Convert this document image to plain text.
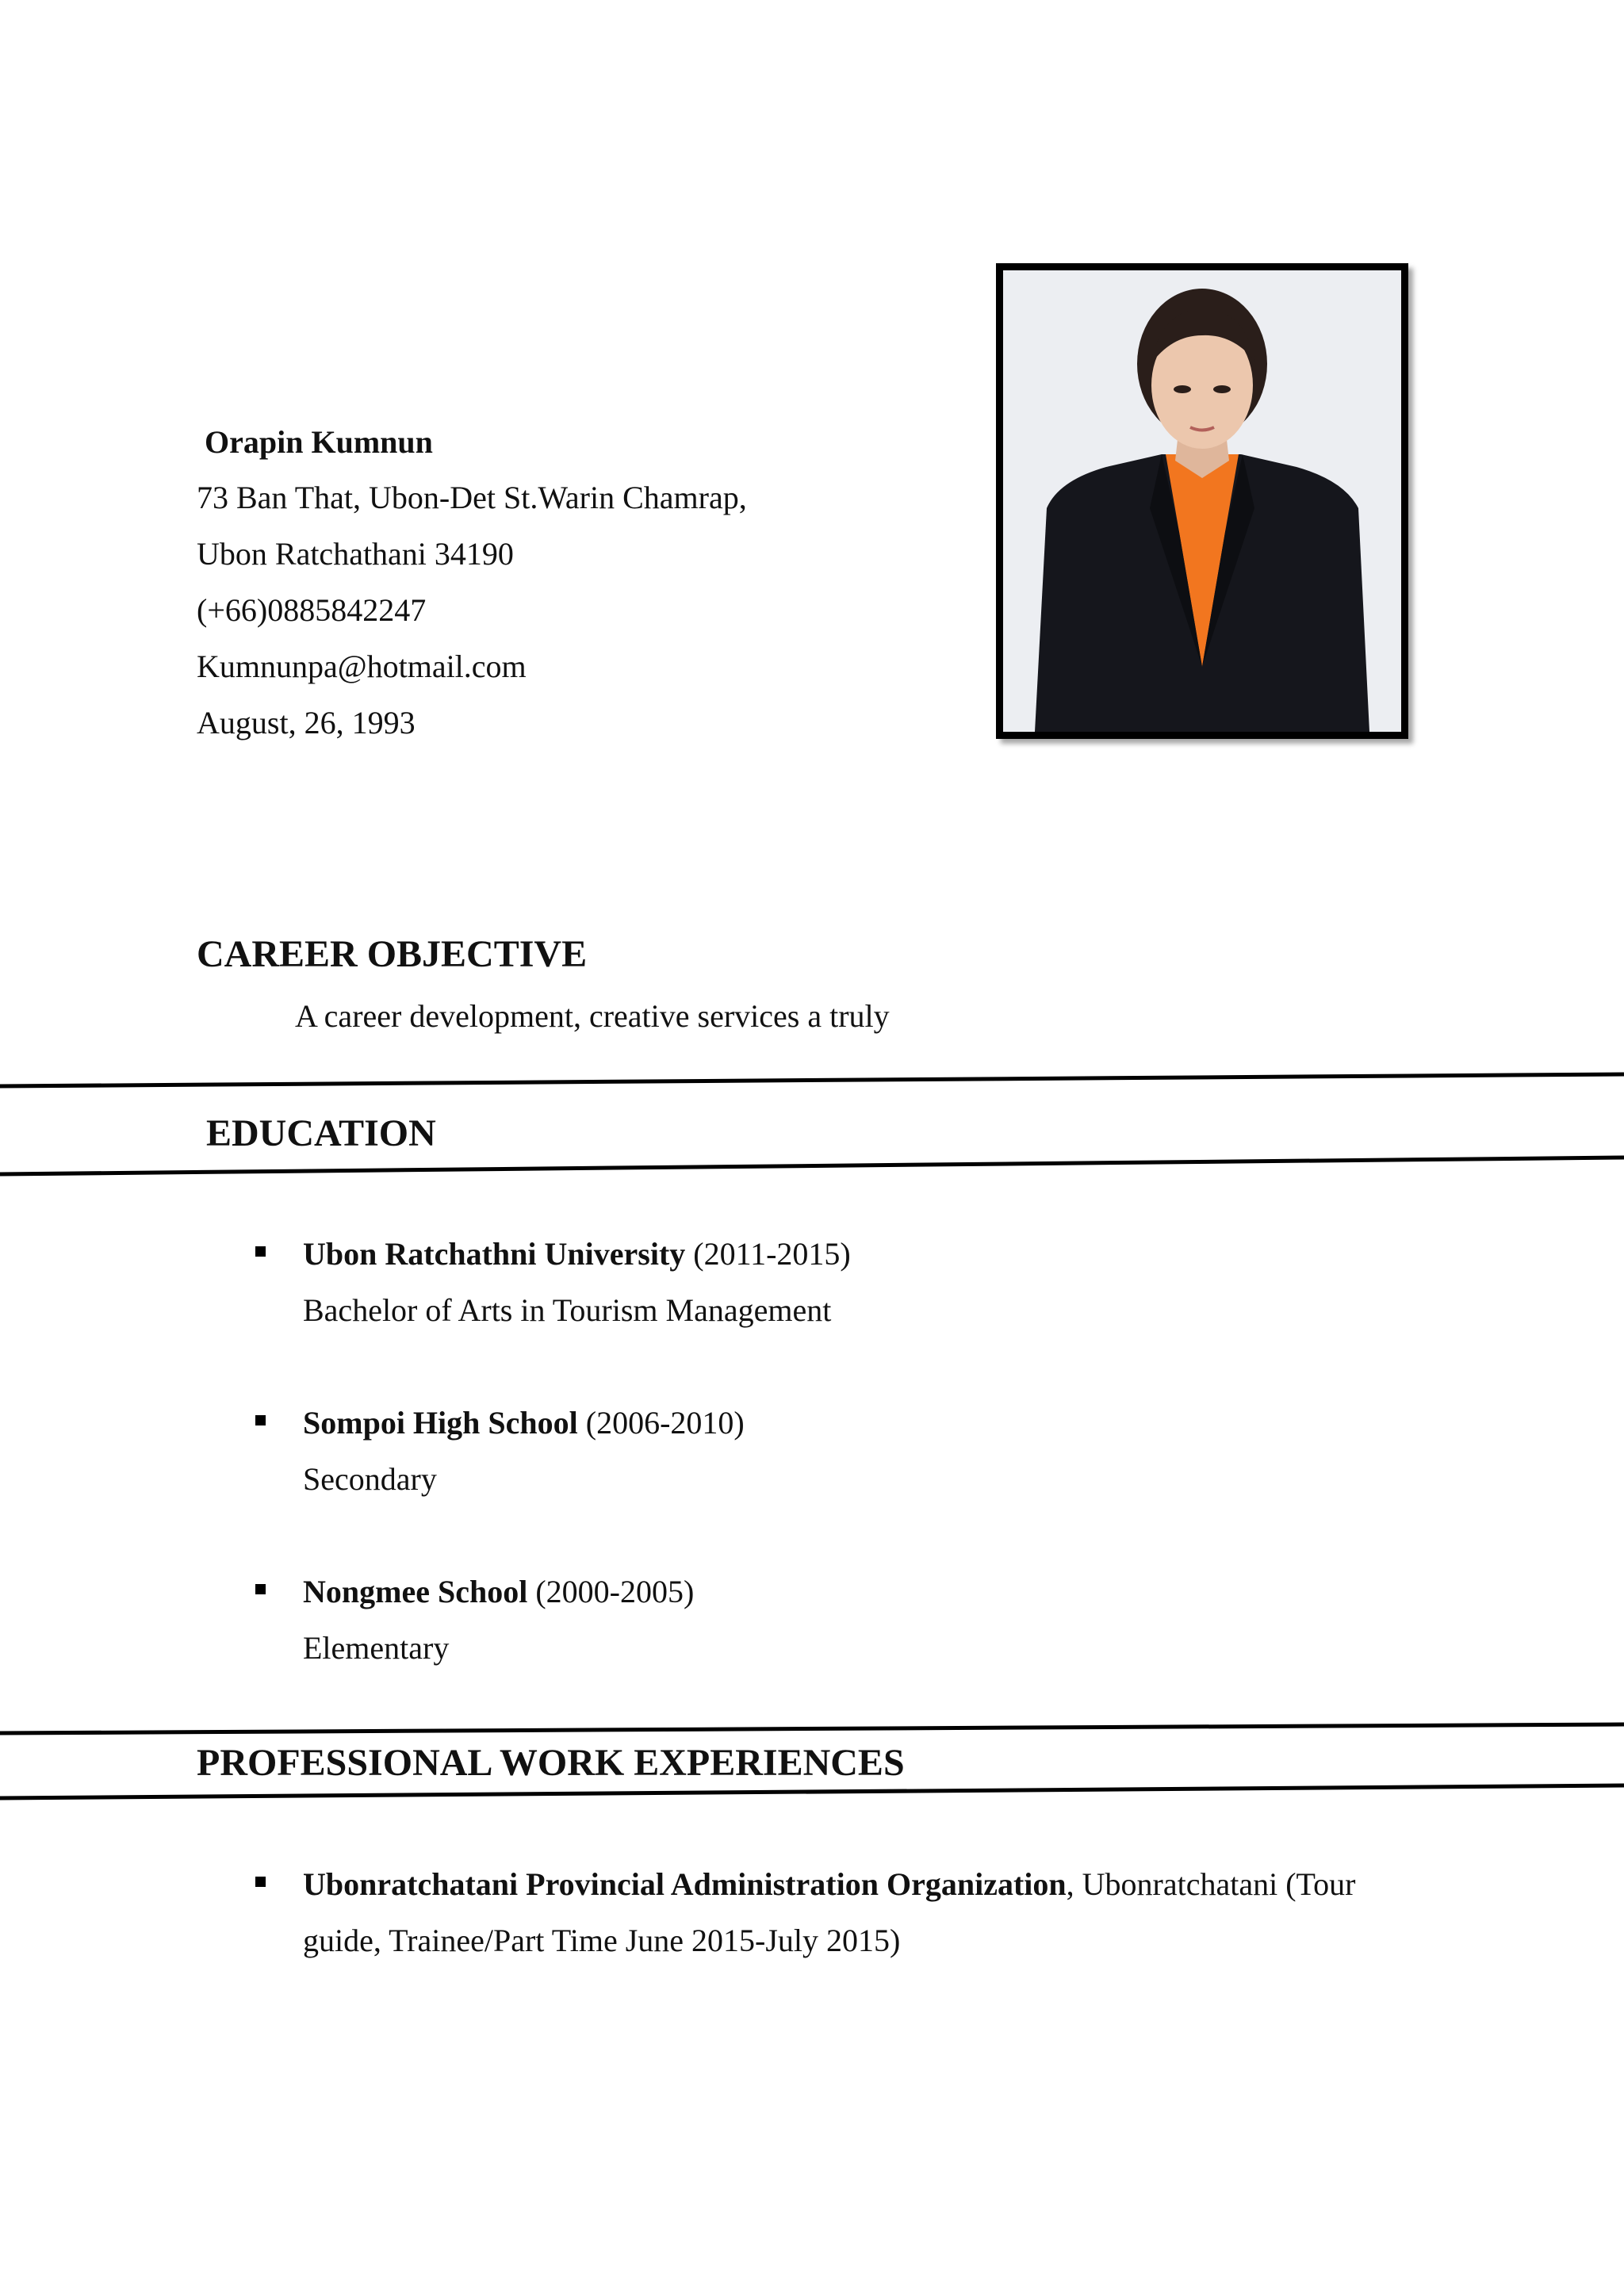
Orapin Kumnun
73 Ban That, Ubon-Det St.Warin Chamrap,
Ubon Ratchathani 34190
(+66)0885842247
Kumnunpa@hotmail.com
August, 26, 1993
CAREER OBJECTIVE
A career development, creative services a truly
EDUCATION
Ubon Ratchathni University (2011-2015)
Bachelor of Arts in Tourism Management
Sompoi High School (2006-2010)
Secondary
Nongmee School (2000-2005)
Elementary
PROFESSIONAL WORK EXPERIENCES
Ubonratchatani Provincial Administration Organization, Ubonratchatani (Tour
guide, Trainee/Part Time June 2015-July 2015)
